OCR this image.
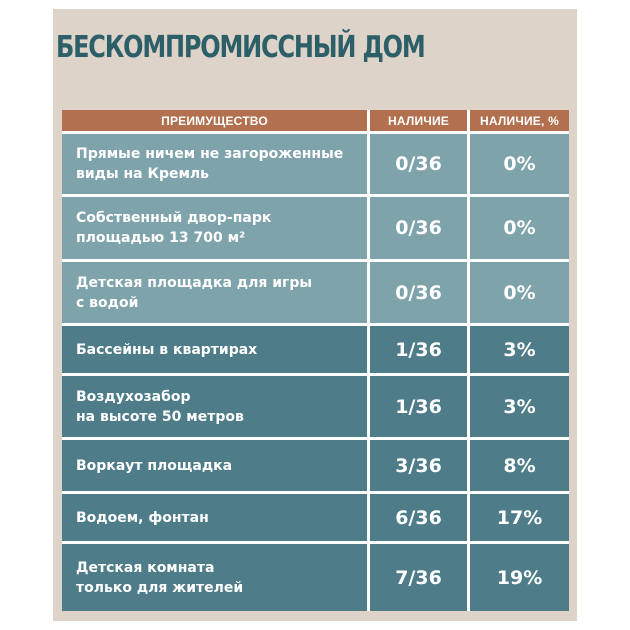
БЕСКОМПРОМИССНЫЙ ДОМ
ПРЕИМУЩЕСТВО	НАЛИЧИЕ	НАЛИЧИЕ, %
Прямые ничем не загороженные
виды на Кремль	0/36	0%
Собственный двор-парк
площадью 13 700 м²	0/36	0%
Детская площадка для игры
с водой	0/36	0%
Бассейны в квартирах	1/36	3%
Воздухозабор
на высоте 50 метров	1/36	3%
Воркаут площадка	3/36	8%
Водоем, фонтан	6/36	17%
Детская комната
только для жителей	7/36	19%
